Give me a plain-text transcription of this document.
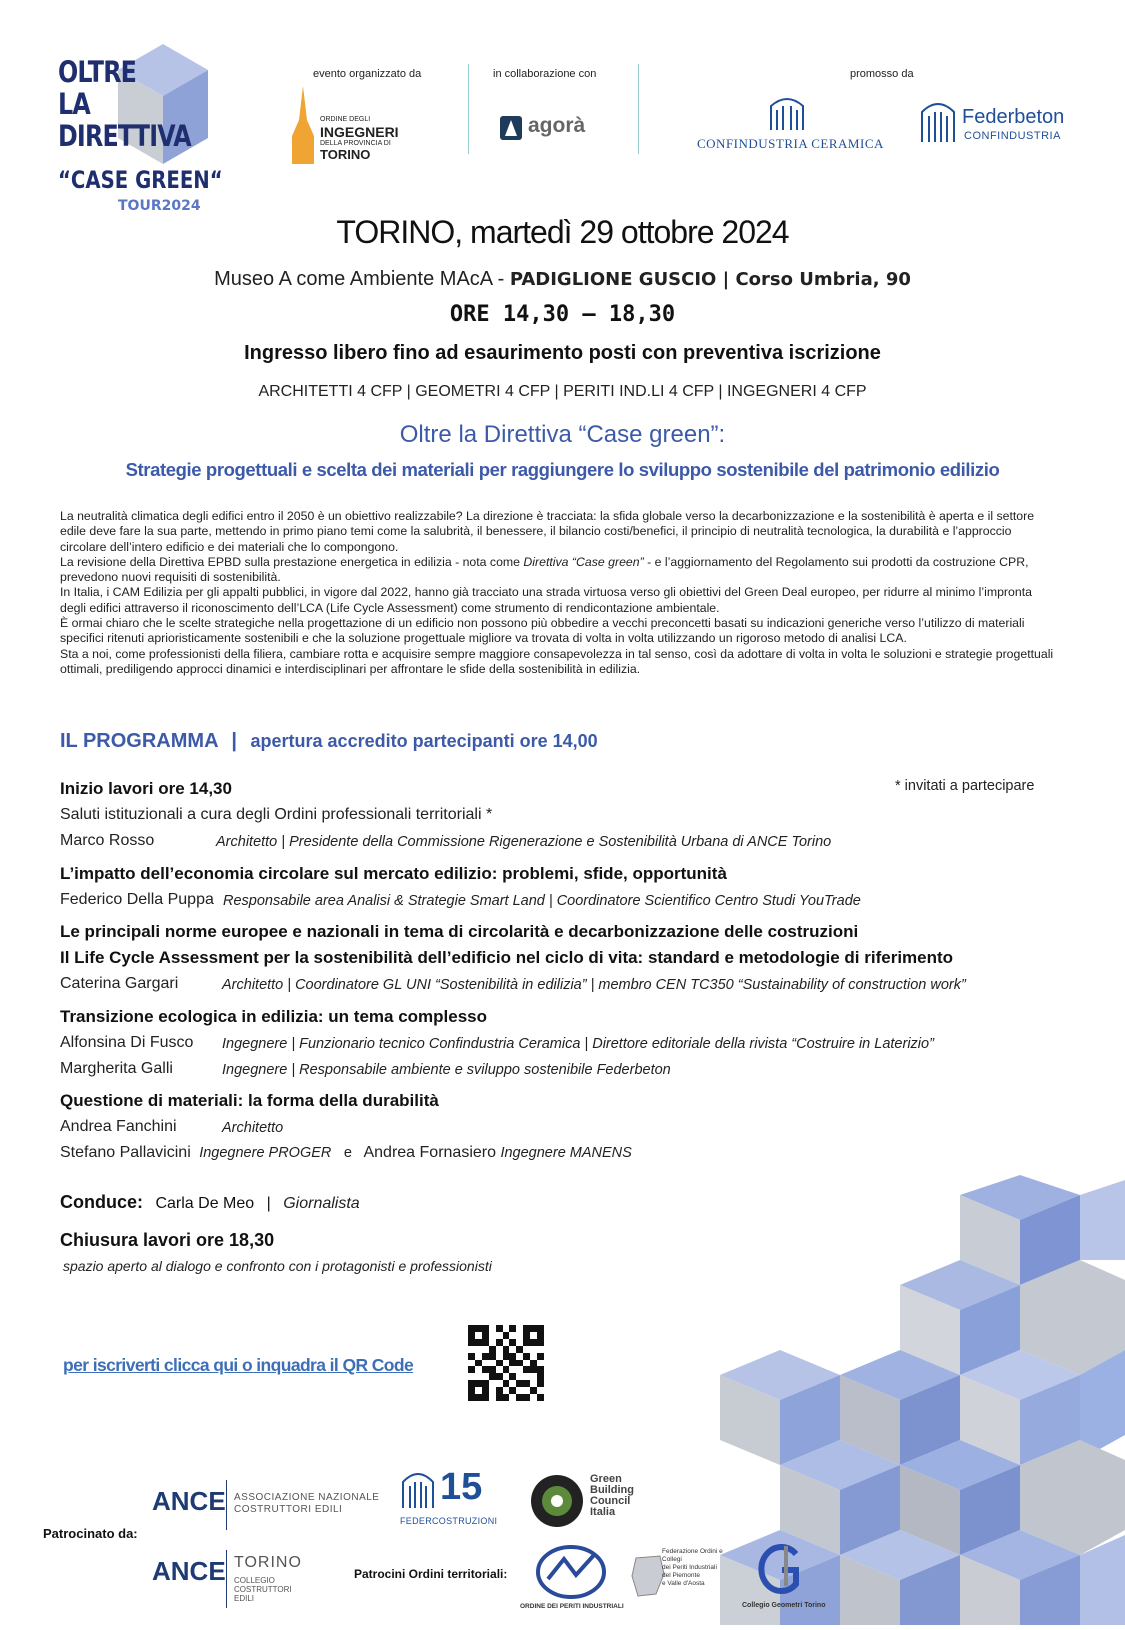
OLTRE
LA
DIRETTIVA
“CASE GREEN“
TOUR2024
evento organizzato da	in collaborazione con	promosso da
ORDINE DEGLI
INGEGNERI
DELLA PROVINCIA DI
TORINO
agorà
CONFINDUSTRIA CERAMICA
Federbeton
CONFINDUSTRIA
TORINO, martedì 29 ottobre 2024
Museo A come Ambiente MAcA - PADIGLIONE GUSCIO | Corso Umbria, 90
ORE 14,30 – 18,30
Ingresso libero fino ad esaurimento posti con preventiva iscrizione
ARCHITETTI 4 CFP | GEOMETRI 4 CFP | PERITI IND.LI 4 CFP | INGEGNERI 4 CFP
Oltre la Direttiva “Case green”:
Strategie progettuali e scelta dei materiali per raggiungere lo sviluppo sostenibile del patrimonio edilizio

La neutralità climatica degli edifici entro il 2050 è un obiettivo realizzabile? La direzione è tracciata: la sfida globale verso la decarbonizzazione e la sostenibilità è aperta e il settore edile deve fare la sua parte, mettendo in primo piano temi come la salubrità, il benessere, il bilancio costi/benefici, il principio di neutralità tecnologica, la durabilità e l’approccio circolare dell’intero edificio e dei materiali che lo compongono.

La revisione della Direttiva EPBD sulla prestazione energetica in edilizia - nota come Direttiva “Case green” - e l’aggiornamento del Regolamento sui prodotti da costruzione CPR, prevedono nuovi requisiti di sostenibilità.

In Italia, i CAM Edilizia per gli appalti pubblici, in vigore dal 2022, hanno già tracciato una strada virtuosa verso gli obiettivi del Green Deal europeo, per ridurre al minimo l’impronta degli edifici attraverso il riconoscimento dell’LCA (Life Cycle Assessment) come strumento di rendicontazione ambientale.

È ormai chiaro che le scelte strategiche nella progettazione di un edificio non possono più obbedire a vecchi preconcetti basati su indicazioni generiche verso l’utilizzo di materiali specifici ritenuti aprioristicamente sostenibili e che la soluzione progettuale migliore va trovata di volta in volta utilizzando un rigoroso metodo di analisi LCA.

Sta a noi, come professionisti della filiera, cambiare rotta e acquisire sempre maggiore consapevolezza in tal senso, così da adottare di volta in volta le soluzioni e strategie progettuali ottimali, prediligendo approcci dinamici e interdisciplinari per affrontare le sfide della sostenibilità in edilizia.

IL PROGRAMMA | apertura accredito partecipanti ore 14,00
Inizio lavori ore 14,30	* invitati a partecipare
Saluti istituzionali a cura degli Ordini professionali territoriali *
Marco Rosso	Architetto | Presidente della Commissione Rigenerazione e Sostenibilità Urbana di ANCE Torino
L’impatto dell’economia circolare sul mercato edilizio: problemi, sfide, opportunità
Federico Della Puppa Responsabile area Analisi & Strategie Smart Land | Coordinatore Scientifico Centro Studi YouTrade
Le principali norme europee e nazionali in tema di circolarità e decarbonizzazione delle costruzioni
Il Life Cycle Assessment per la sostenibilità dell’edificio nel ciclo di vita: standard e metodologie di riferimento
Caterina Gargari	Architetto | Coordinatore GL UNI “Sostenibilità in edilizia” | membro CEN TC350 “Sustainability of construction work”
Transizione ecologica in edilizia: un tema complesso
Alfonsina Di Fusco Ingegnere | Funzionario tecnico Confindustria Ceramica | Direttore editoriale della rivista “Costruire in Laterizio”
Margherita Galli	Ingegnere | Responsabile ambiente e sviluppo sostenibile Federbeton
Questione di materiali: la forma della durabilità
Andrea Fanchini	Architetto
Stefano Pallavicini Ingegnere PROGER e Andrea Fornasiero Ingegnere MANENS
Conduce: Carla De Meo | Giornalista
Chiusura lavori ore 18,30
spazio aperto al dialogo e confronto con i protagonisti e professionisti
per iscriverti clicca qui o inquadra il QR Code
Patrocinato da:
ANCE ASSOCIAZIONE NAZIONALE
COSTRUTTORI EDILI
ANCE TORINO
COLLEGIO
COSTRUTTORI
EDILI
15
FEDERCOSTRUZIONI
Green
Building
Council
Italia
Patrocini Ordini territoriali:
ORDINE DEI PERITI INDUSTRIALI
Federazione Ordini e Collegi
dei Periti Industriali
del Piemonte
e Valle d'Aosta
Collegio Geometri Torino
